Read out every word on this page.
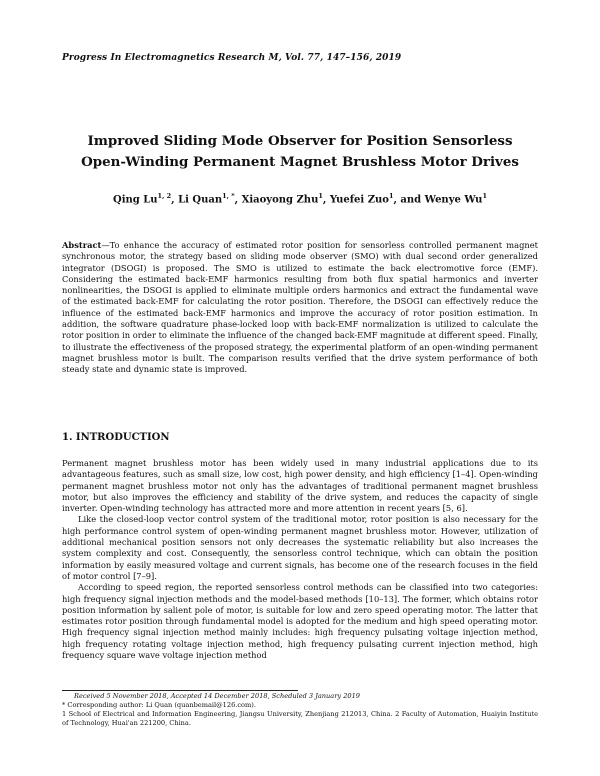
Progress In Electromagnetics Research M, Vol. 77, 147–156, 2019
Improved Sliding Mode Observer for Position Sensorless
Open-Winding Permanent Magnet Brushless Motor Drives
Qing Lu$^{1, 2}$, Li Quan$^{1, *}$, Xiaoyong Zhu$^1$, Yuefei Zuo$^1$, and Wenye Wu$^1$
Abstract—To enhance the accuracy of estimated rotor position for sensorless controlled permanent magnet synchronous motor, the strategy based on sliding mode observer (SMO) with dual second order generalized integrator (DSOGI) is proposed. The SMO is utilized to estimate the back electromotive force (EMF). Considering the estimated back-EMF harmonics resulting from both flux spatial harmonics and inverter nonlinearities, the DSOGI is applied to eliminate multiple orders harmonics and extract the fundamental wave of the estimated back-EMF for calculating the rotor position. Therefore, the DSOGI can effectively reduce the influence of the estimated back-EMF harmonics and improve the accuracy of rotor position estimation. In addition, the software quadrature phase-locked loop with back-EMF normalization is utilized to calculate the rotor position in order to eliminate the influence of the changed back-EMF magnitude at different speed. Finally, to illustrate the effectiveness of the proposed strategy, the experimental platform of an open-winding permanent magnet brushless motor is built. The comparison results verified that the drive system performance of both steady state and dynamic state is improved.
1. INTRODUCTION

Permanent magnet brushless motor has been widely used in many industrial applications due to its advantageous features, such as small size, low cost, high power density, and high efficiency [1–4]. Open-winding permanent magnet brushless motor not only has the advantages of traditional permanent magnet brushless motor, but also improves the efficiency and stability of the drive system, and reduces the capacity of single inverter. Open-winding technology has attracted more and more attention in recent years [5, 6].

Like the closed-loop vector control system of the traditional motor, rotor position is also necessary for the high performance control system of open-winding permanent magnet brushless motor. However, utilization of additional mechanical position sensors not only decreases the systematic reliability but also increases the system complexity and cost. Consequently, the sensorless control technique, which can obtain the position information by easily measured voltage and current signals, has become one of the research focuses in the field of motor control [7–9].

According to speed region, the reported sensorless control methods can be classified into two categories: high frequency signal injection methods and the model-based methods [10–13]. The former, which obtains rotor position information by salient pole of motor, is suitable for low and zero speed operating motor. The latter that estimates rotor position through fundamental model is adopted for the medium and high speed operating motor. High frequency signal injection method mainly includes: high frequency pulsating voltage injection method, high frequency rotating voltage injection method, high frequency pulsating current injection method, high frequency square wave voltage injection method

Received 5 November 2018, Accepted 14 December 2018, Scheduled 3 January 2019
* Corresponding author: Li Quan (quanbemail@126.com).
1 School of Electrical and Information Engineering, Jiangsu University, Zhenjiang 212013, China. 2 Faculty of Automation, Huaiyin Institute of Technology, Huai'an 221200, China.
